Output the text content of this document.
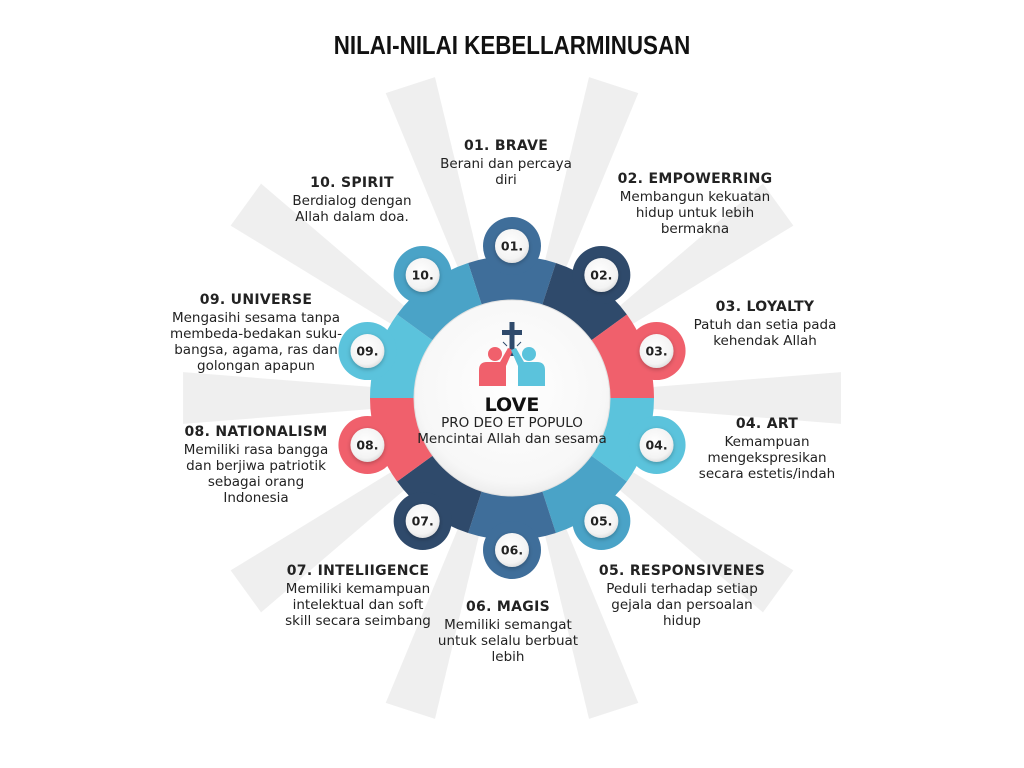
01.
02.
03.
04.
05.
06.
07.
08.
09.
10.
NILAI-NILAI KEBELLARMINUSAN
LOVE
PRO DEO ET POPULO
Mencintai Allah dan sesama
01. BRAVE
Berani dan percaya diri	02. EMPOWERRING
Membangun kekuatan hidup untuk lebih bermakna
03. LOYALTY
Patuh dan setia pada kehendak Allah
04. ART
Kemampuan mengekspresikan secara estetis/indah
05. RESPONSIVENES
Peduli terhadap setiap gejala dan persoalan hidup
06. MAGIS
Memiliki semangat untuk selalu berbuat lebih
07. INTELIIGENCE
Memiliki kemampuan intelektual dan soft skill secara seimbang
08. NATIONALISM
Memiliki rasa bangga dan berjiwa patriotik sebagai orang Indonesia
09. UNIVERSE
Mengasihi sesama tanpa membeda-bedakan suku-bangsa, agama, ras dan golongan apapun
10. SPIRIT
Berdialog dengan Allah dalam doa.
